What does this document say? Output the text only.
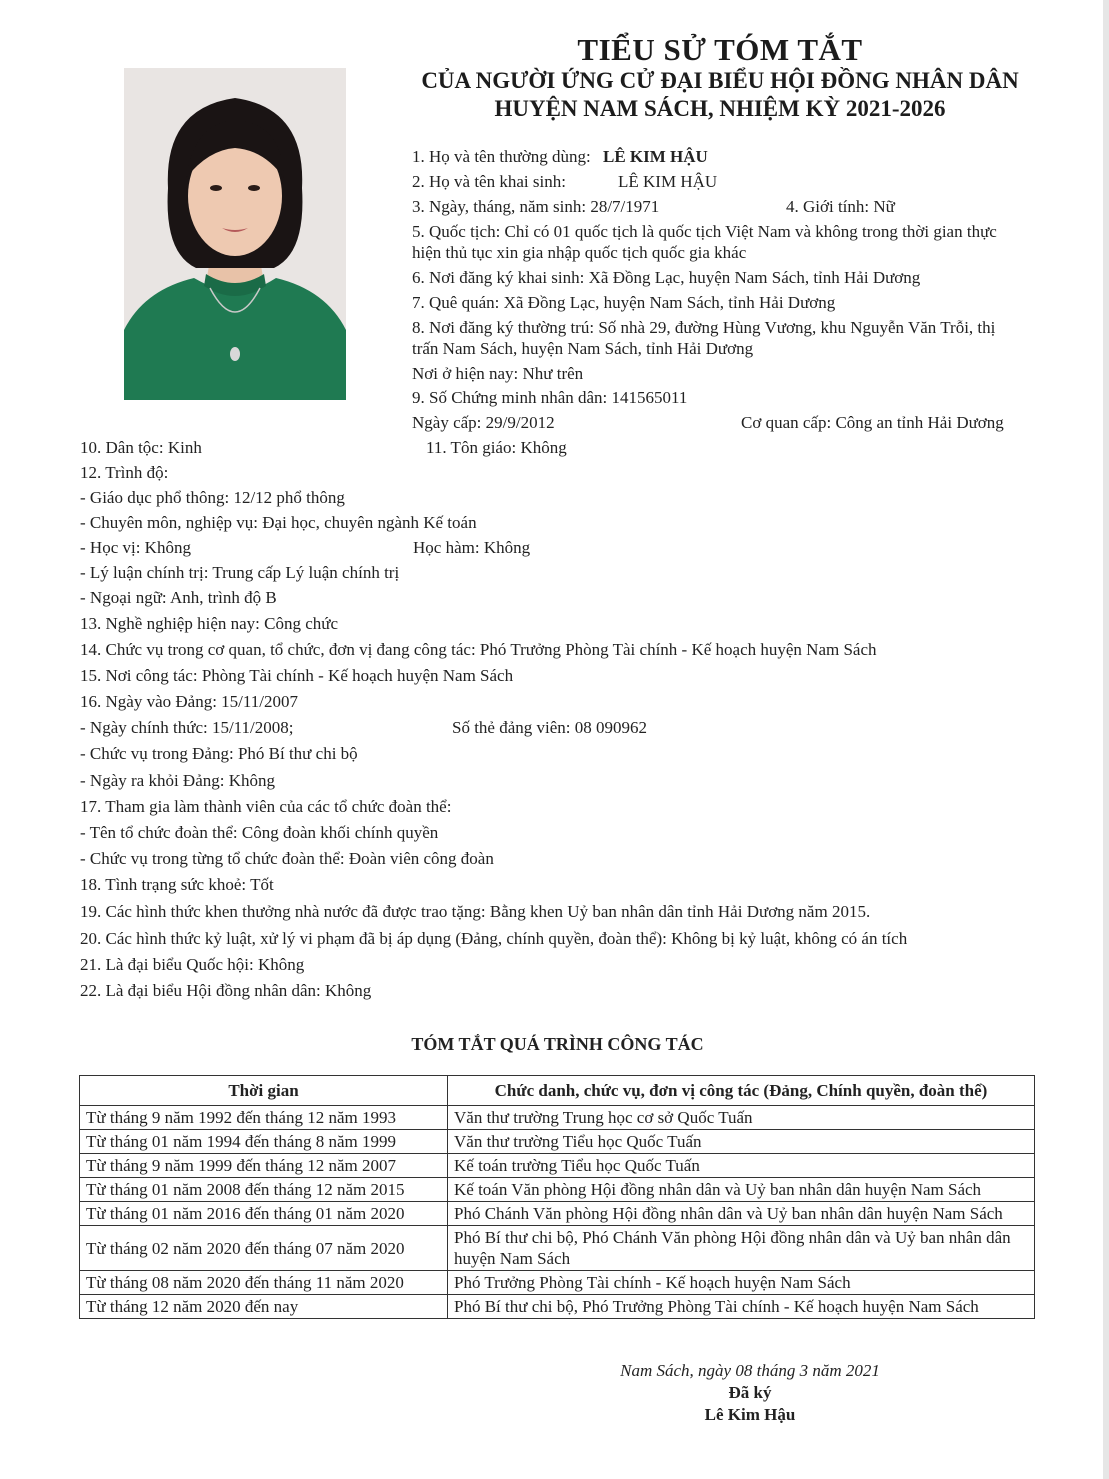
TIỂU SỬ TÓM TẮT
CỦA NGƯỜI ỨNG CỬ ĐẠI BIỂU HỘI ĐỒNG NHÂN DÂN
HUYỆN NAM SÁCH, NHIỆM KỲ 2021-2026
1. Họ và tên thường dùng: LÊ KIM HẬU
2. Họ và tên khai sinh:	LÊ KIM HẬU
3. Ngày, tháng, năm sinh: 28/7/1971	4. Giới tính: Nữ
5. Quốc tịch: Chỉ có 01 quốc tịch là quốc tịch Việt Nam và không trong thời gian thực
hiện thủ tục xin gia nhập quốc tịch quốc gia khác
6. Nơi đăng ký khai sinh: Xã Đồng Lạc, huyện Nam Sách, tỉnh Hải Dương
7. Quê quán: Xã Đồng Lạc, huyện Nam Sách, tỉnh Hải Dương
8. Nơi đăng ký thường trú: Số nhà 29, đường Hùng Vương, khu Nguyễn Văn Trỗi, thị
trấn Nam Sách, huyện Nam Sách, tỉnh Hải Dương
Nơi ở hiện nay: Như trên
9. Số Chứng minh nhân dân: 141565011
Ngày cấp: 29/9/2012	Cơ quan cấp: Công an tỉnh Hải Dương
10. Dân tộc: Kinh	11. Tôn giáo: Không
12. Trình độ:
- Giáo dục phổ thông: 12/12 phổ thông
- Chuyên môn, nghiệp vụ: Đại học, chuyên ngành Kế toán
- Học vị: Không	Học hàm: Không
- Lý luận chính trị: Trung cấp Lý luận chính trị
- Ngoại ngữ: Anh, trình độ B
13. Nghề nghiệp hiện nay: Công chức
14. Chức vụ trong cơ quan, tổ chức, đơn vị đang công tác: Phó Trưởng Phòng Tài chính - Kế hoạch huyện Nam Sách
15. Nơi công tác: Phòng Tài chính - Kế hoạch huyện Nam Sách
16. Ngày vào Đảng: 15/11/2007
- Ngày chính thức: 15/11/2008;	Số thẻ đảng viên: 08 090962
- Chức vụ trong Đảng: Phó Bí thư chi bộ
- Ngày ra khỏi Đảng: Không
17. Tham gia làm thành viên của các tổ chức đoàn thể:
- Tên tổ chức đoàn thể: Công đoàn khối chính quyền
- Chức vụ trong từng tổ chức đoàn thể: Đoàn viên công đoàn
18. Tình trạng sức khoẻ: Tốt
19. Các hình thức khen thưởng nhà nước đã được trao tặng: Bằng khen Uỷ ban nhân dân tỉnh Hải Dương năm 2015.
20. Các hình thức kỷ luật, xử lý vi phạm đã bị áp dụng (Đảng, chính quyền, đoàn thể): Không bị kỷ luật, không có án tích
21. Là đại biểu Quốc hội: Không
22. Là đại biểu Hội đồng nhân dân: Không
TÓM TẮT QUÁ TRÌNH CÔNG TÁC
Thời gian	Chức danh, chức vụ, đơn vị công tác (Đảng, Chính quyền, đoàn thể)
Từ tháng 9 năm 1992 đến tháng 12 năm 1993	Văn thư trường Trung học cơ sở Quốc Tuấn
Từ tháng 01 năm 1994 đến tháng 8 năm 1999	Văn thư trường Tiểu học Quốc Tuấn
Từ tháng 9 năm 1999 đến tháng 12 năm 2007	Kế toán trường Tiểu học Quốc Tuấn
Từ tháng 01 năm 2008 đến tháng 12 năm 2015	Kế toán Văn phòng Hội đồng nhân dân và Uỷ ban nhân dân huyện Nam Sách
Từ tháng 01 năm 2016 đến tháng 01 năm 2020	Phó Chánh Văn phòng Hội đồng nhân dân và Uỷ ban nhân dân huyện Nam Sách
Từ tháng 02 năm 2020 đến tháng 07 năm 2020	Phó Bí thư chi bộ, Phó Chánh Văn phòng Hội đồng nhân dân và Uỷ ban nhân dân huyện Nam Sách
Từ tháng 08 năm 2020 đến tháng 11 năm 2020	Phó Trưởng Phòng Tài chính - Kế hoạch huyện Nam Sách
Từ tháng 12 năm 2020 đến nay	Phó Bí thư chi bộ, Phó Trưởng Phòng Tài chính - Kế hoạch huyện Nam Sách
Nam Sách, ngày 08 tháng 3 năm 2021
Đã ký
Lê Kim Hậu
